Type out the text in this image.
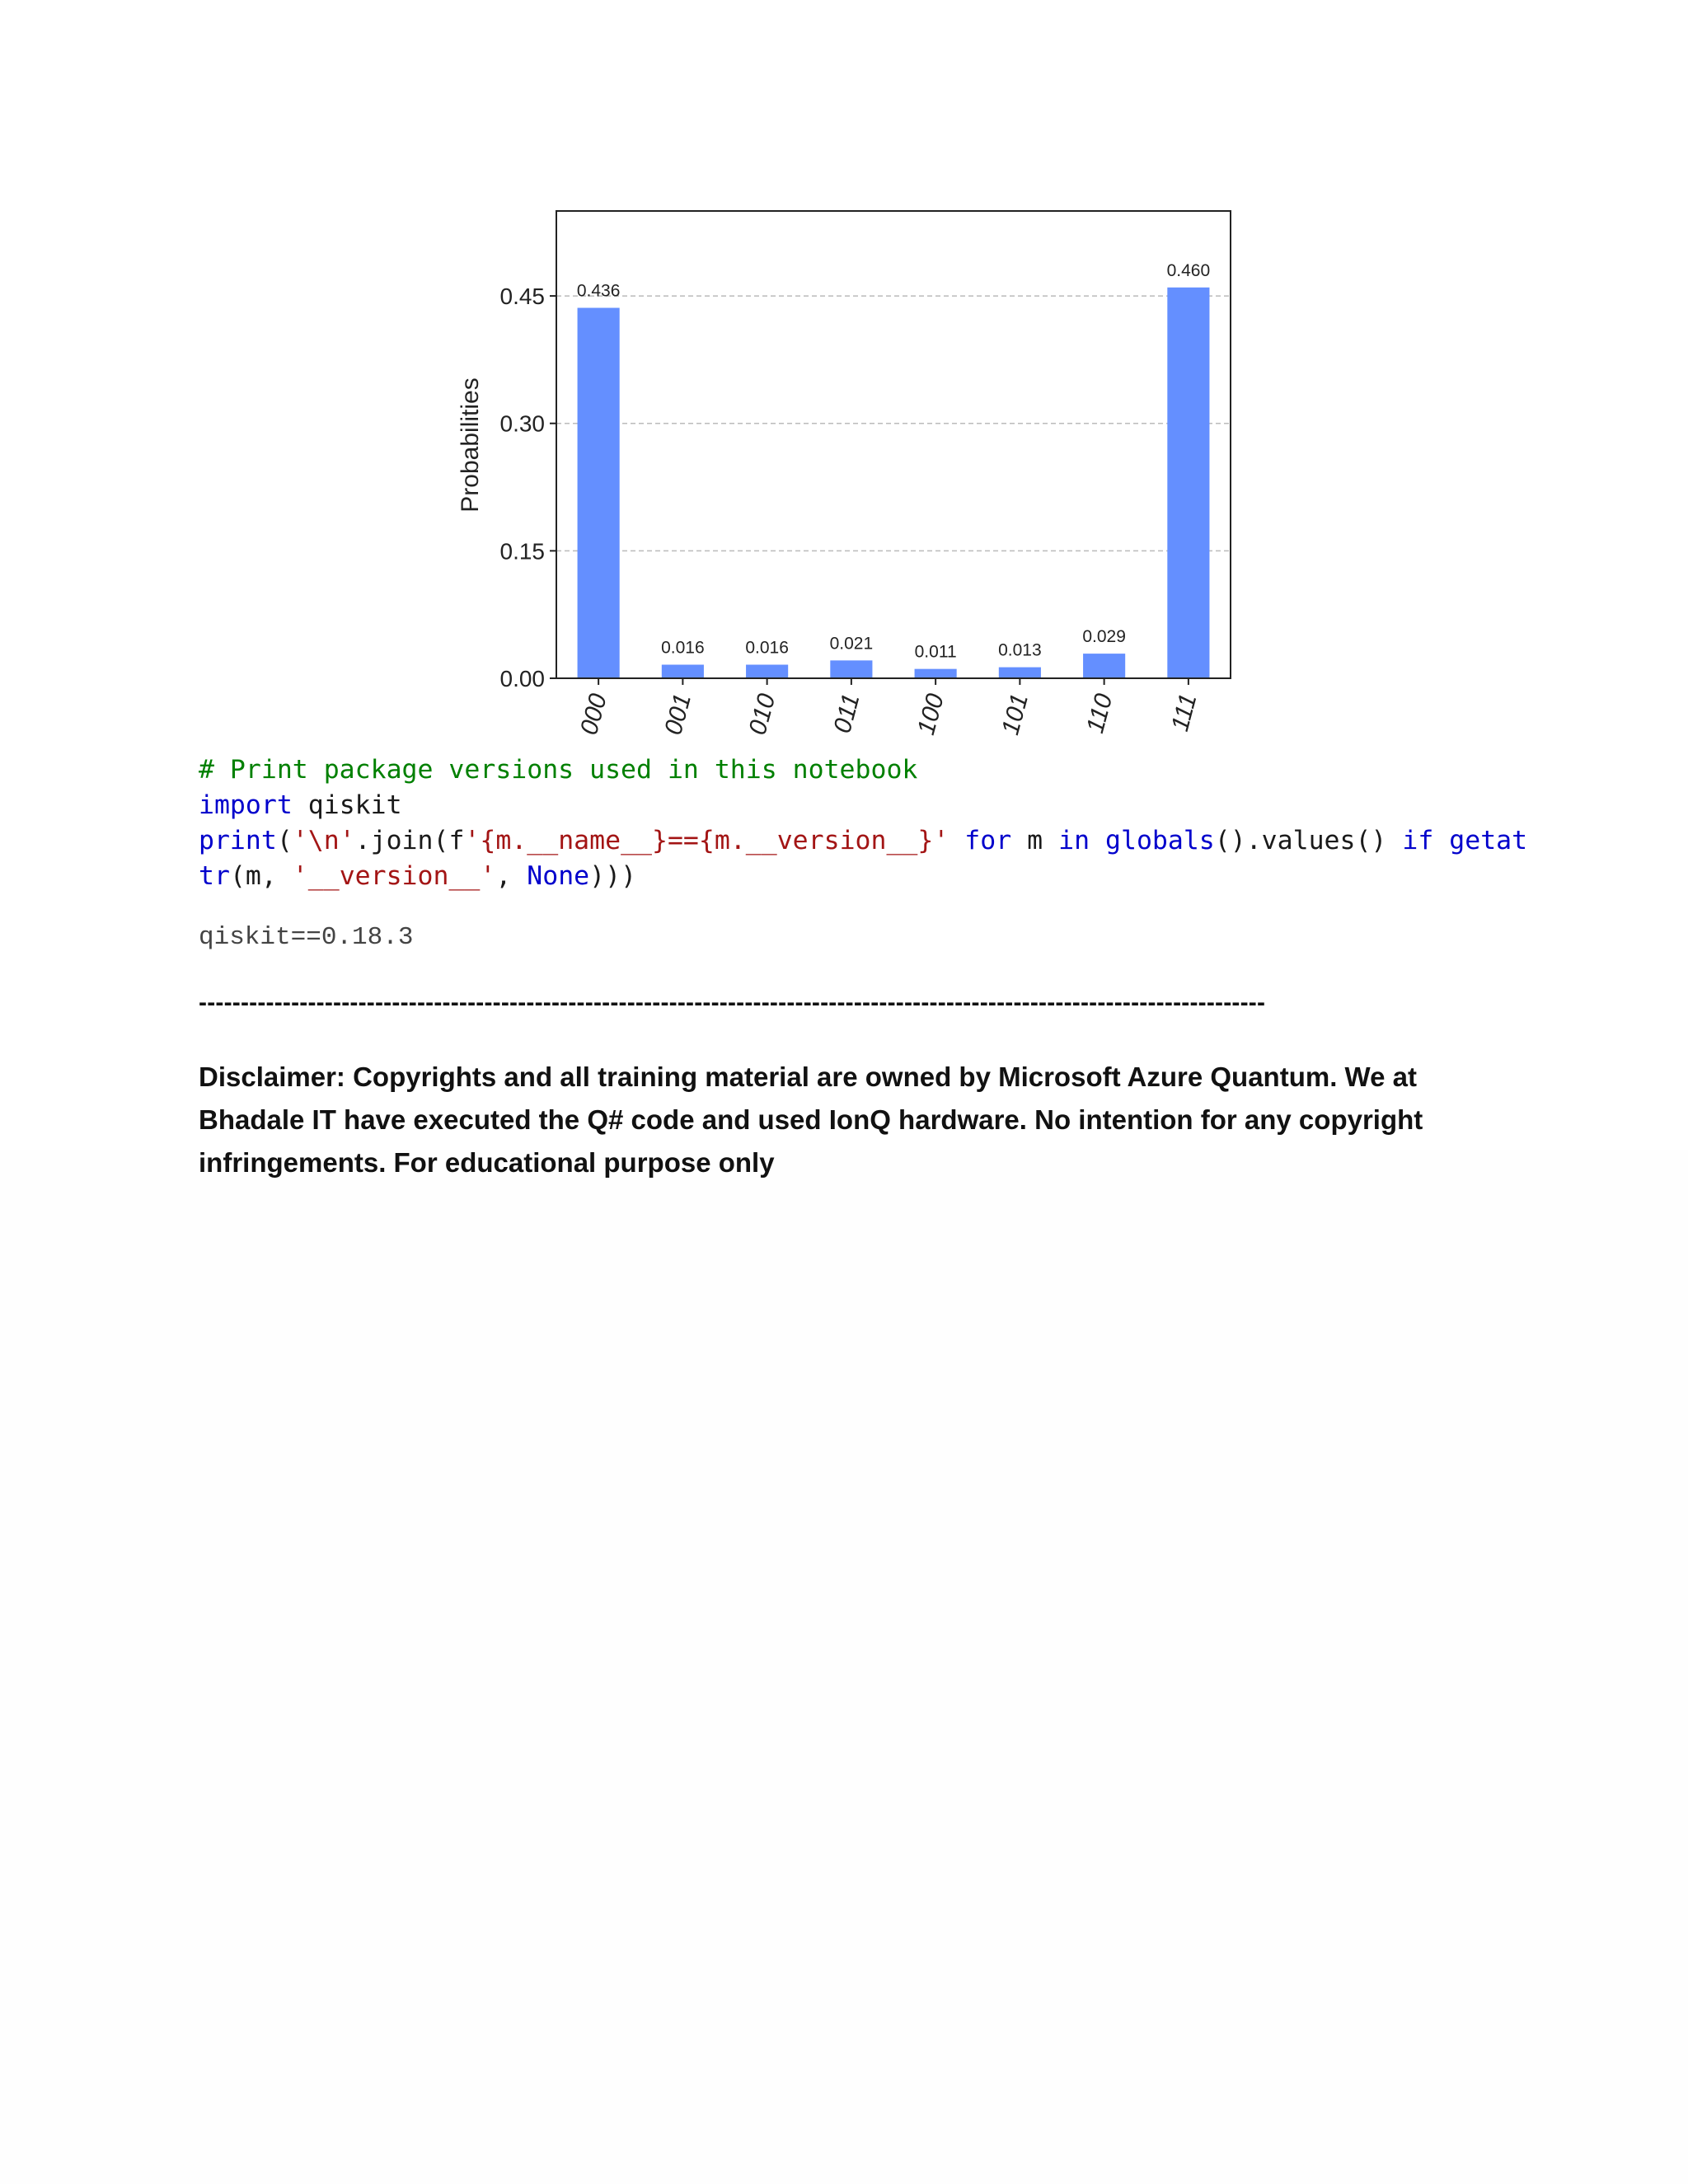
0.436
0.016 0.016 0.021 0.011 0.013
0.029
0.460
0.00
0.15
0.30
0.45
000 001 010 011 100 101 110 111
Probabilities
# Print package versions used in this notebook
import qiskit
print('\n'.join(f'{m.__name__}=={m.__version__}' for m in globals().values() if getat
tr(m, '__version__', None)))
qiskit==0.18.3
-------------------------------------------------------------------------------------------------------------------------------
Disclaimer: Copyrights and all training material are owned by Microsoft Azure Quantum. We at Bhadale IT have executed the Q# code and used IonQ hardware. No intention for any copyright infringements. For educational purpose only
